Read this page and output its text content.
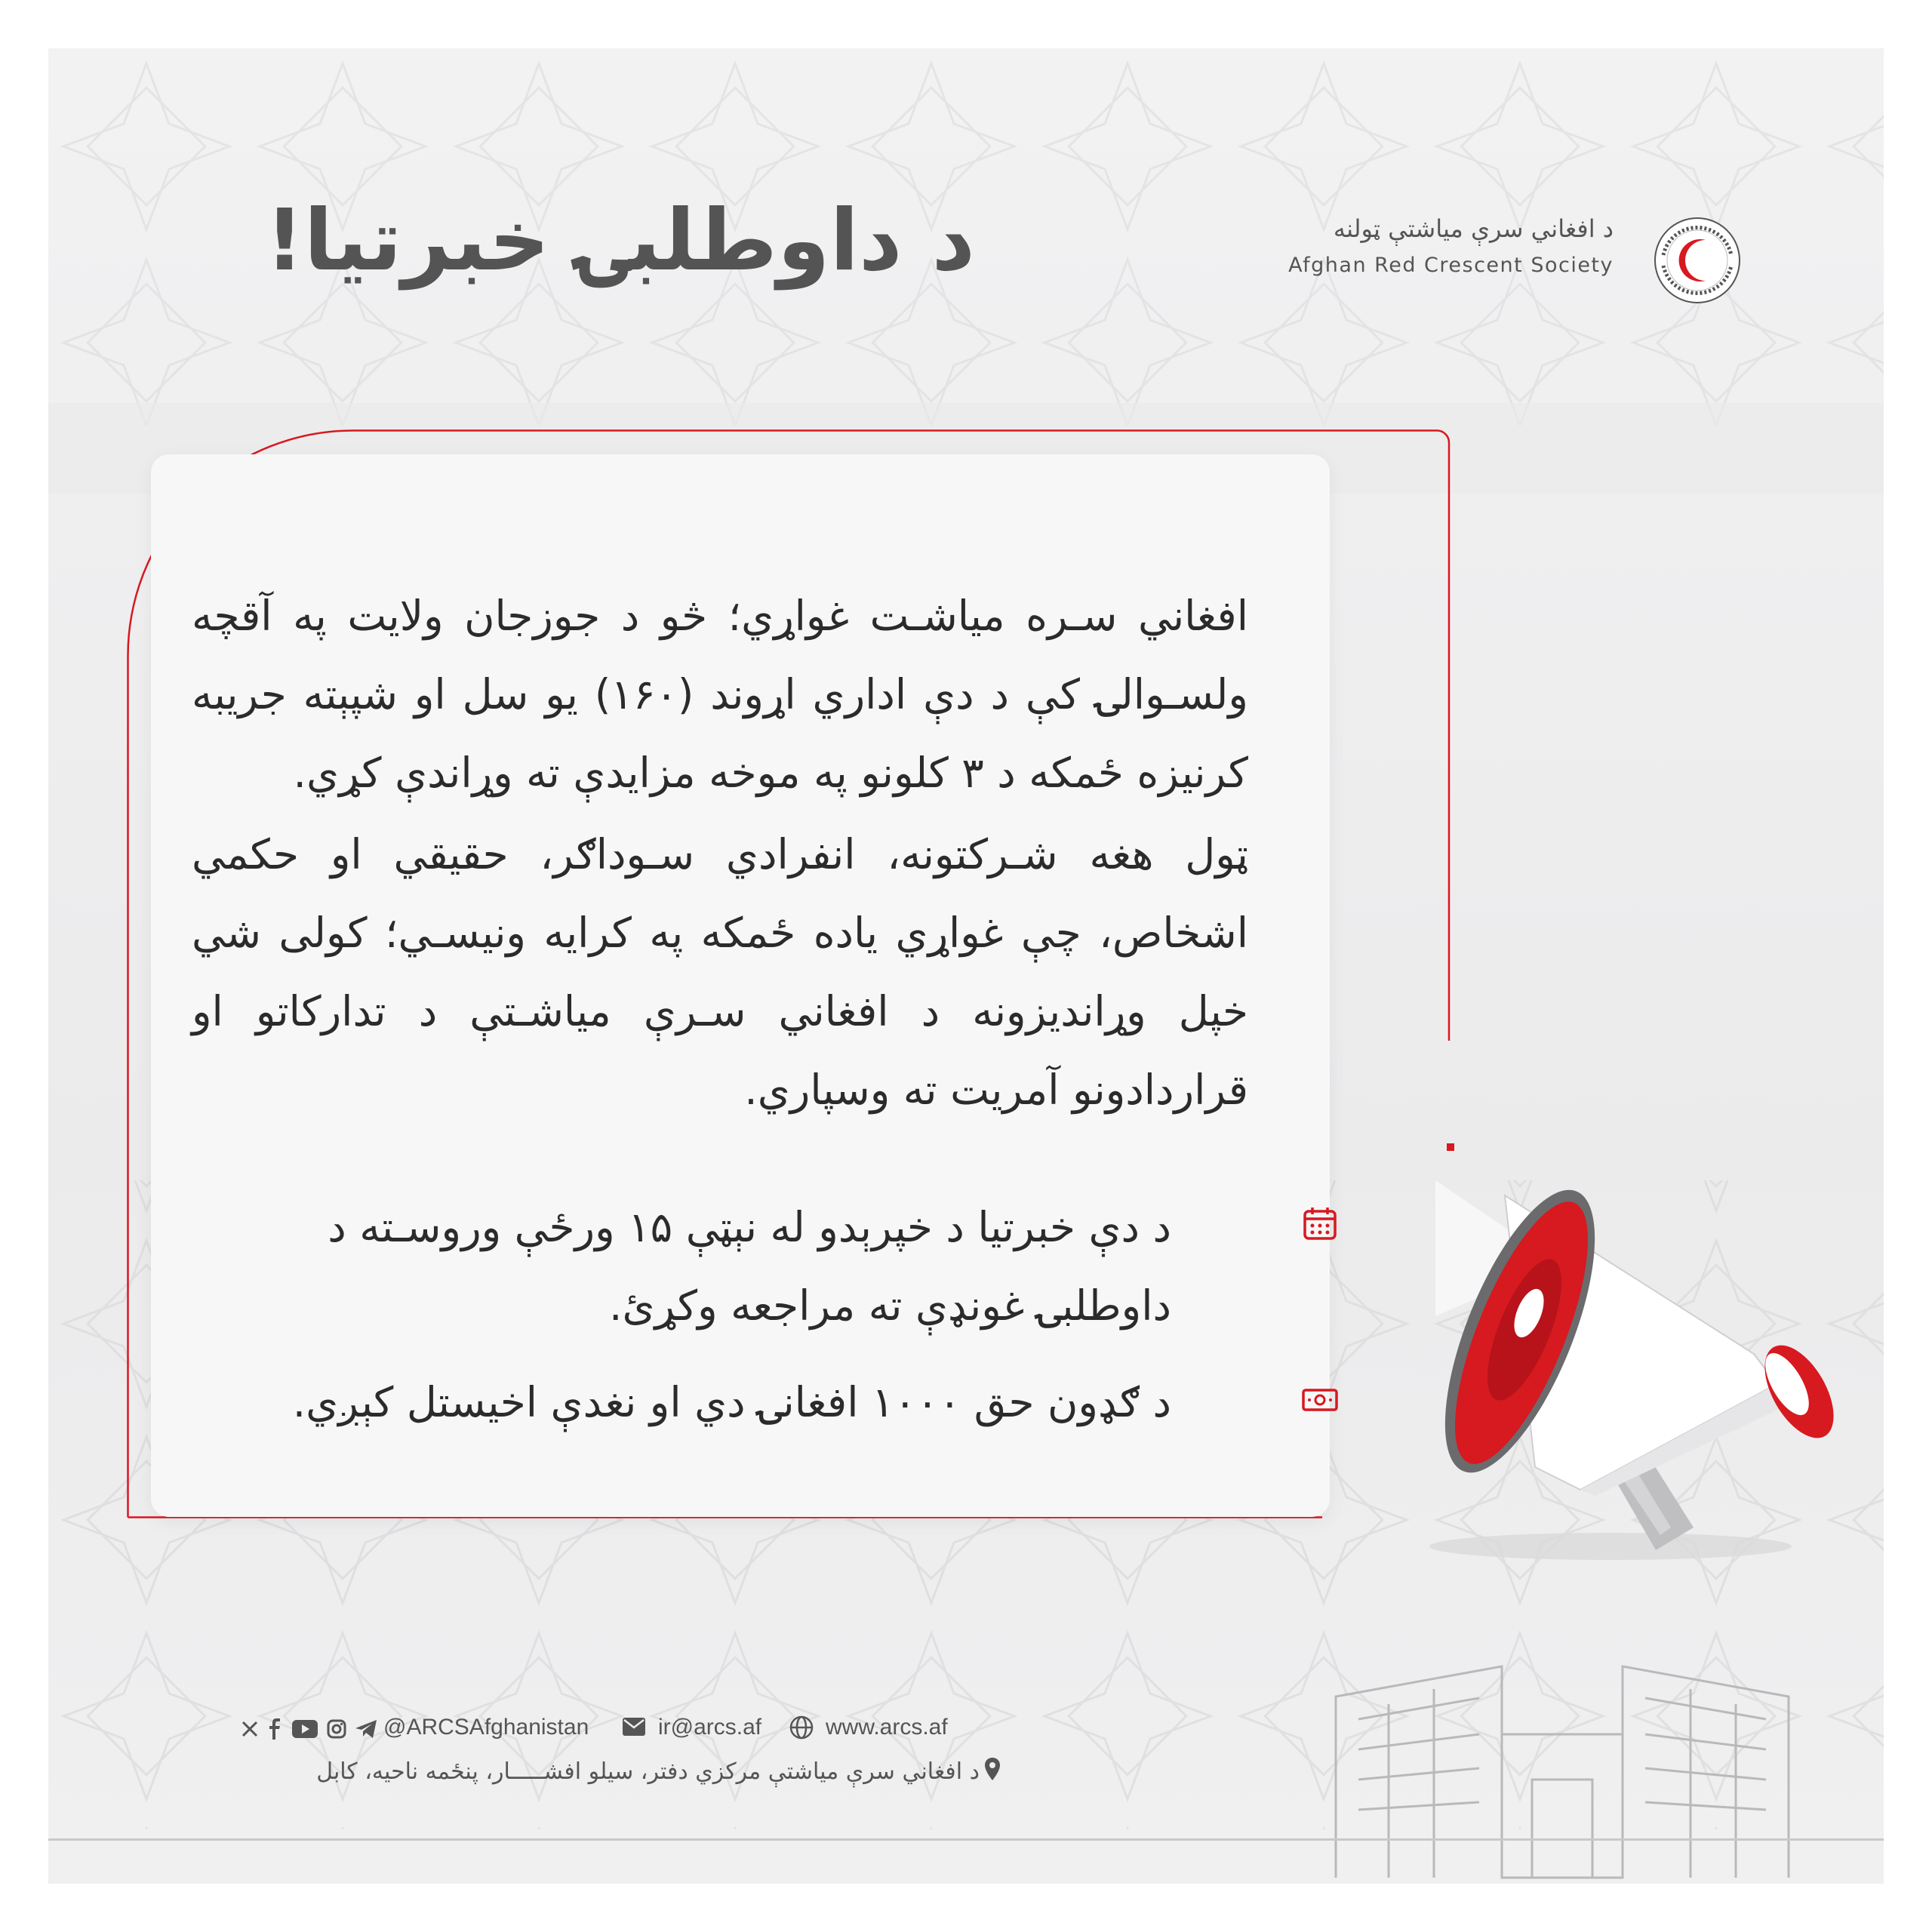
د داوطلبۍ خبرتیا!	د افغاني سرې میاشتې ټولنه
Afghan Red Crescent Society

افغاني سـره میاشـت غواړي؛ څو د جوزجان ولایت په آقچه ولسـوالۍ کې د دې اداري اړوند (۱۶۰) یو سل او شپېته جریبه کرنیزه ځمکه د ۳ کلونو په موخه مزایدې ته وړاندې کړي.

ټول هغه شـرکتونه، انفرادي سـوداګر، حقیقي او حکمي اشخاص، چې غواړي یاده ځمکه په کرایه ونیسـي؛ کولی شي خپل وړاندیزونه د افغاني سـرې میاشـتې د تدارکاتو او قراردادونو آمریت ته وسپاري.

د دې خبرتیا د خپرېدو له نېټې ۱۵ ورځې وروسـته د داوطلبۍ غونډې ته مراجعه وکړئ.

د ګډون حق ۱۰۰۰ افغانۍ دي او نغدې اخیستل کېږي.

@ARCSAfghanistan	ir@arcs.af	www.arcs.af
د افغاني سرې میاشتې مرکزي دفتر، سیلو افشـــــار، پنځمه ناحیه، کابل
